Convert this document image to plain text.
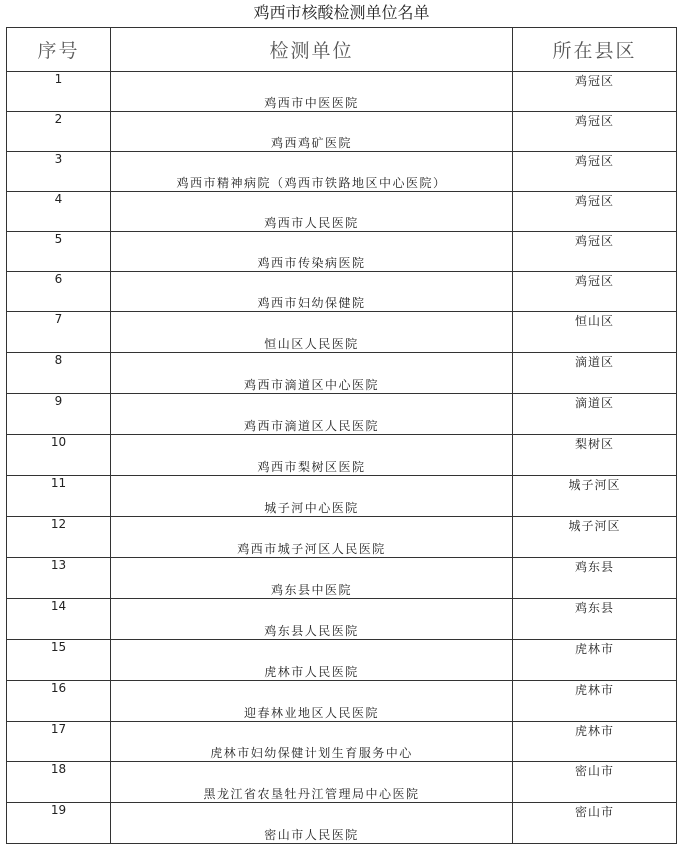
鸡西市核酸检测单位名单
序号	检测单位	所在县区
1	鸡西市中医医院	鸡冠区
2	鸡西鸡矿医院	鸡冠区
3	鸡西市精神病院（鸡西市铁路地区中心医院）	鸡冠区
4	鸡西市人民医院	鸡冠区
5	鸡西市传染病医院	鸡冠区
6	鸡西市妇幼保健院	鸡冠区
7	恒山区人民医院	恒山区
8	鸡西市滴道区中心医院	滴道区
9	鸡西市滴道区人民医院	滴道区
10	鸡西市梨树区医院	梨树区
11	城子河中心医院	城子河区
12	鸡西市城子河区人民医院	城子河区
13	鸡东县中医院	鸡东县
14	鸡东县人民医院	鸡东县
15	虎林市人民医院	虎林市
16	迎春林业地区人民医院	虎林市
17	虎林市妇幼保健计划生育服务中心	虎林市
18	黑龙江省农垦牡丹江管理局中心医院	密山市
19	密山市人民医院	密山市
